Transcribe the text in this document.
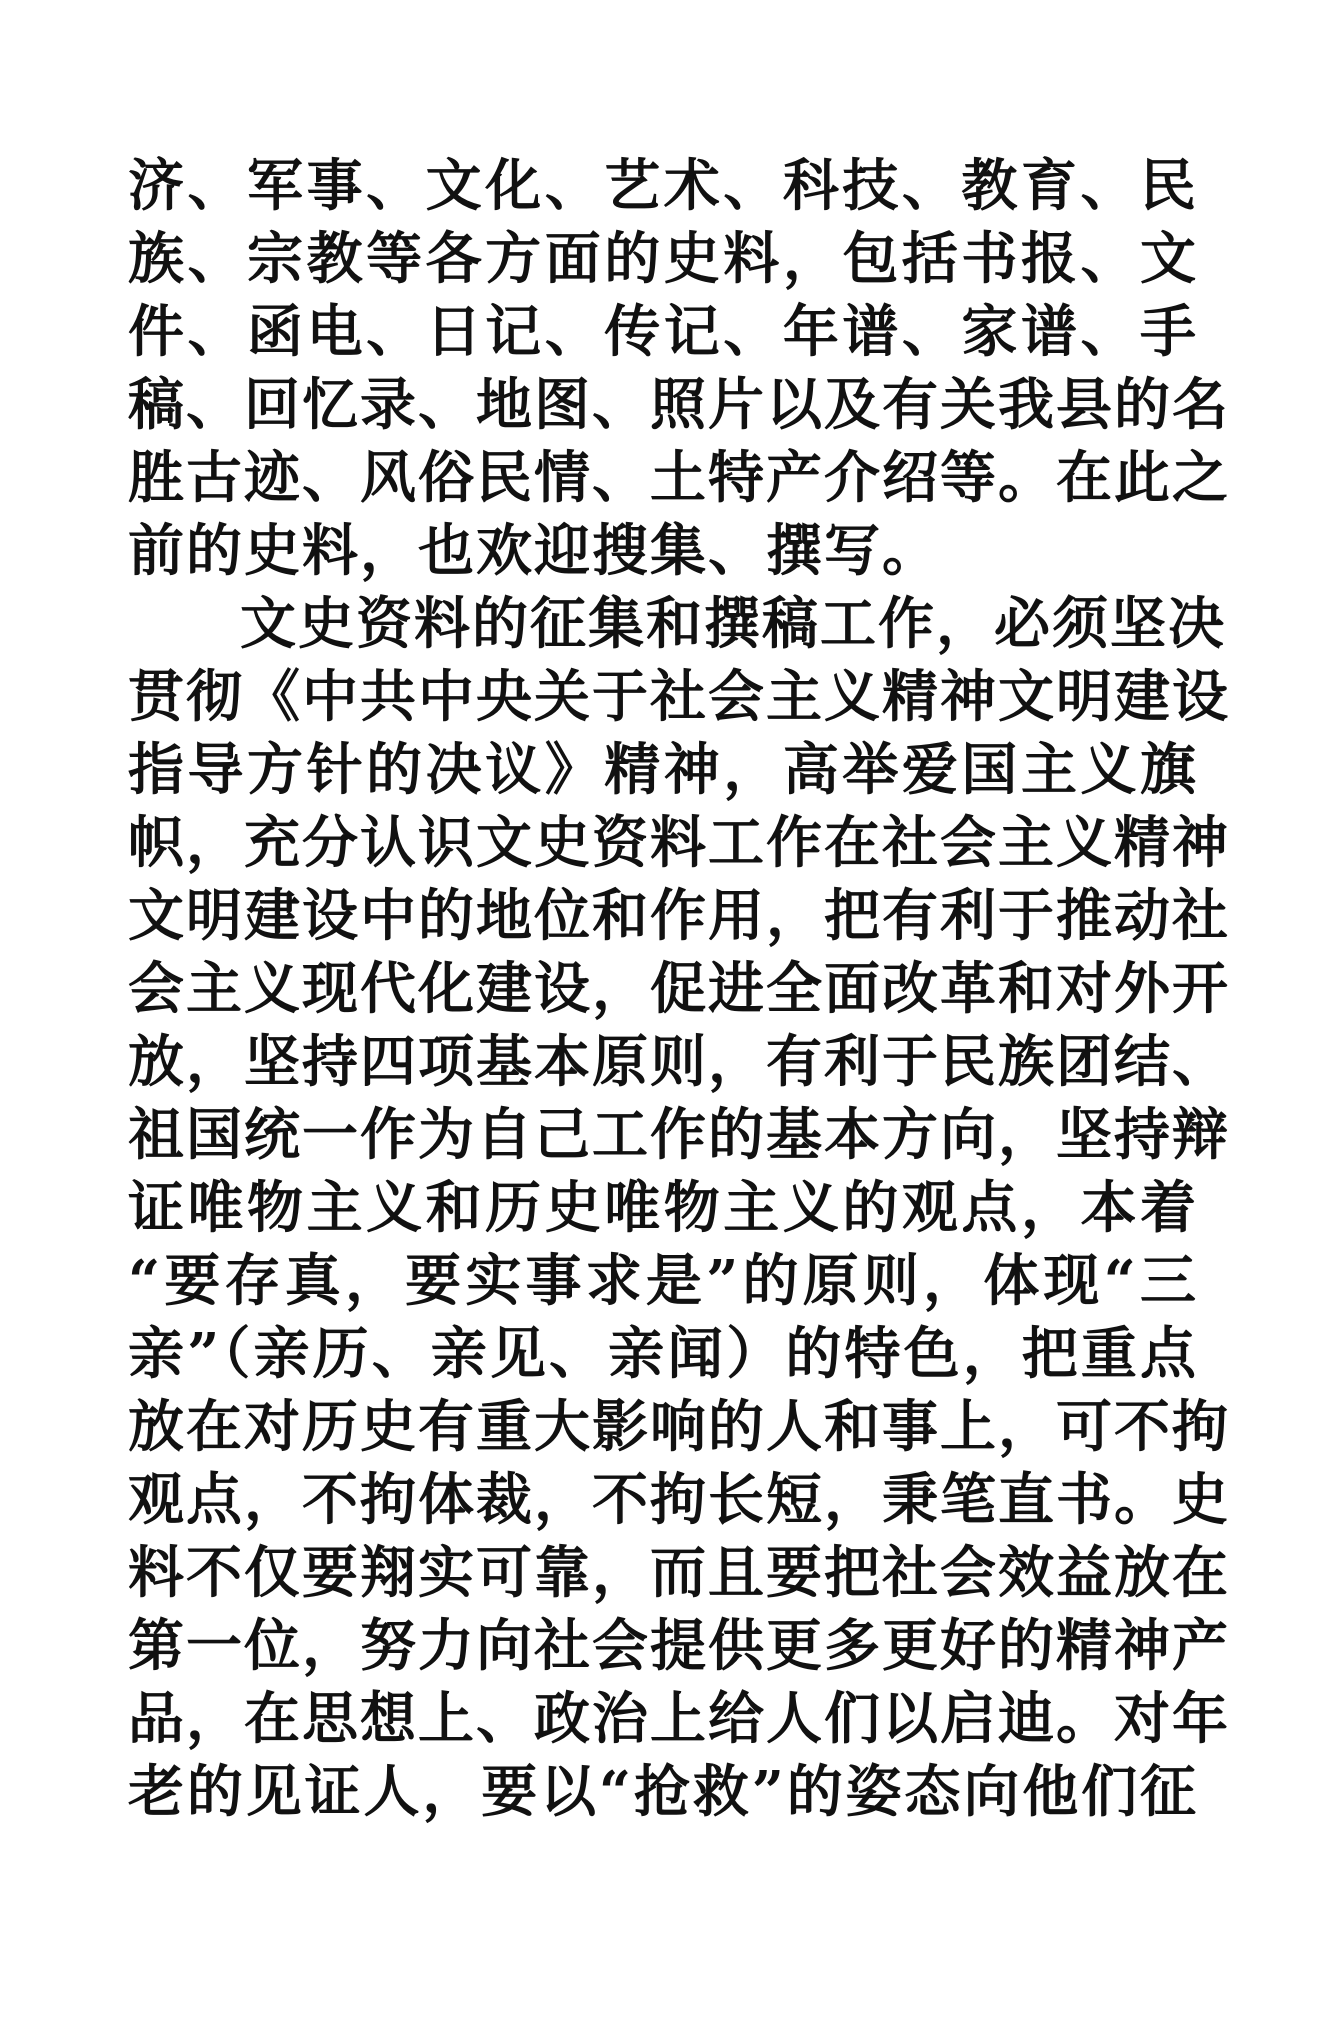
济、军事、文化、艺术、科技、教育、民
族、宗教等各方面的史料，包括书报、文
件、函电、日记、传记、年谱、家谱、手
稿、回忆录、地图、照片以及有关我县的名
胜古迹、风俗民情、土特产介绍等。在此之
前的史料，也欢迎搜集、撰写。
文史资料的征集和撰稿工作，必须坚决
贯彻《中共中央关于社会主义精神文明建设
指导方针的决议》精神，高举爱国主义旗
帜，充分认识文史资料工作在社会主义精神
文明建设中的地位和作用，把有利于推动社
会主义现代化建设，促进全面改革和对外开
放，坚持四项基本原则，有利于民族团结、
祖国统一作为自己工作的基本方向，坚持辩
证唯物主义和历史唯物主义的观点，本着
“要存真，要实事求是”的原则，体现“三
亲”（亲历、亲见、亲闻）的特色，把重点
放在对历史有重大影响的人和事上，可不拘
观点，不拘体裁，不拘长短，秉笔直书。史
料不仅要翔实可靠，而且要把社会效益放在
第一位，努力向社会提供更多更好的精神产
品，在思想上、政治上给人们以启迪。对年
老的见证人，要以“抢救”的姿态向他们征
